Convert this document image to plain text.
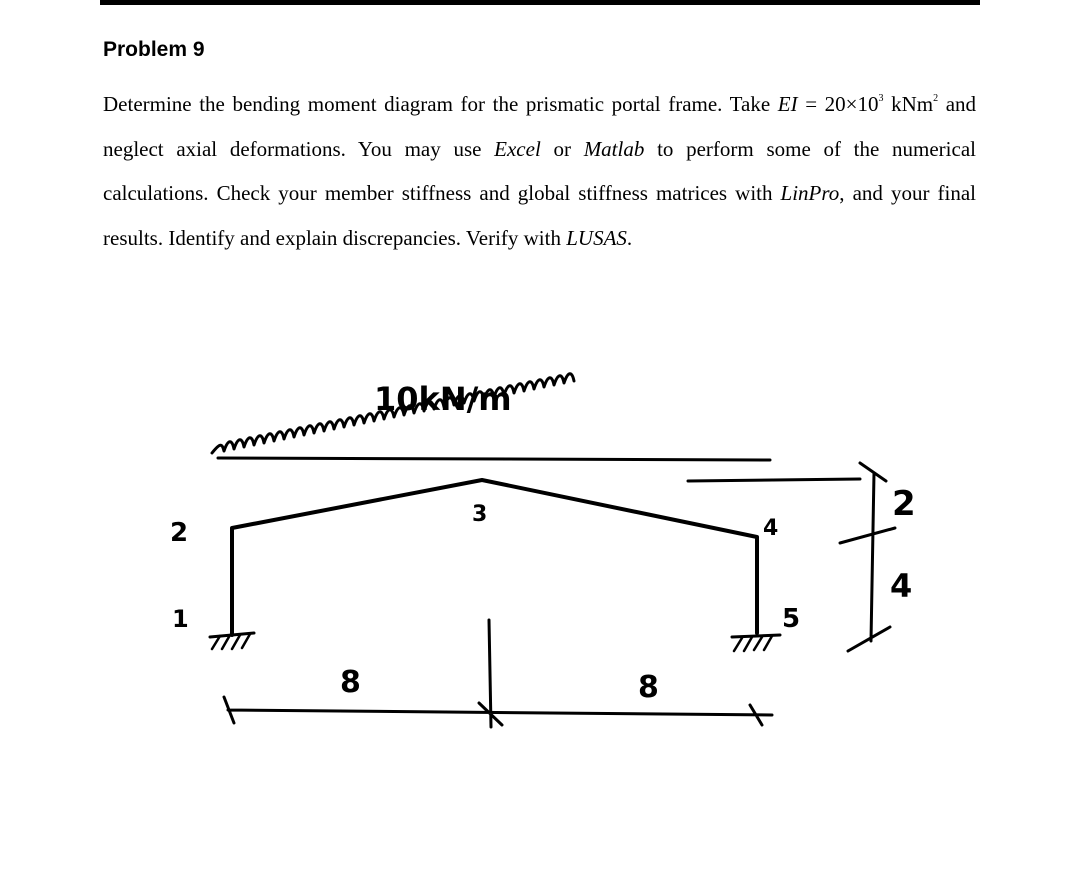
Problem 9
Determine the bending moment diagram for the prismatic portal frame. Take EI = $20\times 10^3$ kNm$^2$ and neglect axial deformations. You may use Excel or Matlab to perform some of the numerical calculations. Check your member stiffness and global stiffness matrices with LinPro, and your final results. Identify and explain discrepancies. Verify with LUSAS.
10kN/m
2
1
3
4
5
8	8
2
4
